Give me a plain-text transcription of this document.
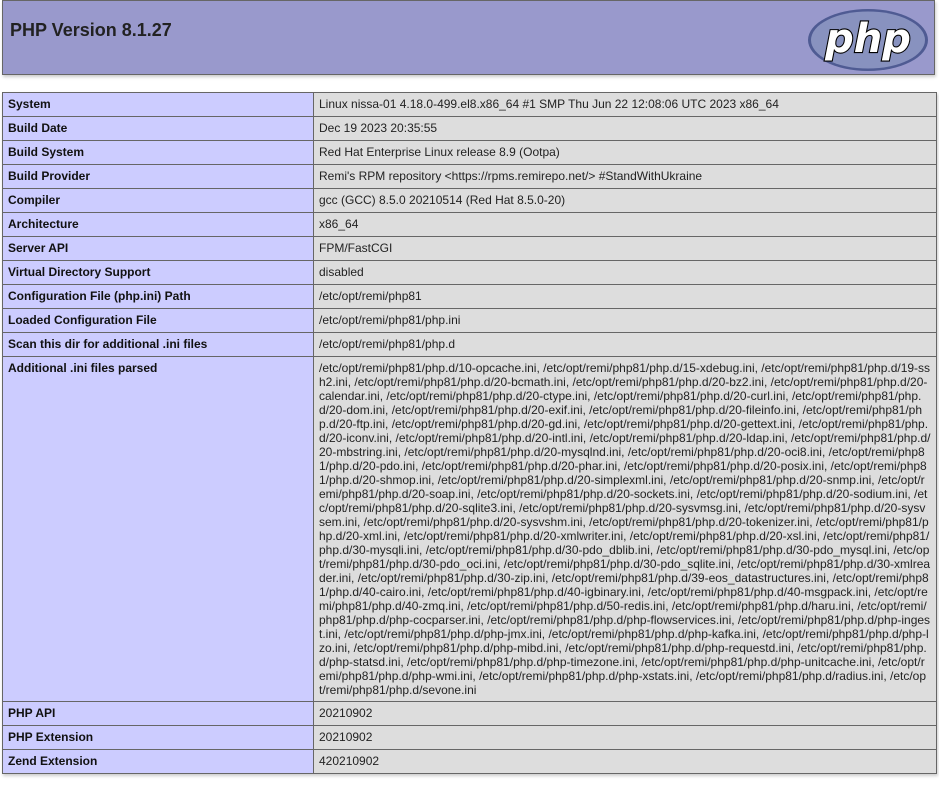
PHP Version 8.1.27	php
System	Linux nissa-01 4.18.0-499.el8.x86_64 #1 SMP Thu Jun 22 12:08:06 UTC 2023 x86_64
Build Date	Dec 19 2023 20:35:55
Build System	Red Hat Enterprise Linux release 8.9 (Ootpa)
Build Provider	Remi's RPM repository <https://rpms.remirepo.net/> #StandWithUkraine
Compiler	gcc (GCC) 8.5.0 20210514 (Red Hat 8.5.0-20)
Architecture	x86_64
Server API	FPM/FastCGI
Virtual Directory Support	disabled
Configuration File (php.ini) Path	/etc/opt/remi/php81
Loaded Configuration File	/etc/opt/remi/php81/php.ini
Scan this dir for additional .ini files	/etc/opt/remi/php81/php.d
Additional .ini files parsed	/etc/opt/remi/php81/php.d/10-opcache.ini, /etc/opt/remi/php81/php.d/15-xdebug.ini, /etc/opt/remi/php81/php.d/19-ssh2.ini, /etc/opt/remi/php81/php.d/20-bcmath.ini, /etc/opt/remi/php81/php.d/20-bz2.ini, /etc/opt/remi/php81/php.d/20-calendar.ini, /etc/opt/remi/php81/php.d/20-ctype.ini, /etc/opt/remi/php81/php.d/20-curl.ini, /etc/opt/remi/php81/php.d/20-dom.ini, /etc/opt/remi/php81/php.d/20-exif.ini, /etc/opt/remi/php81/php.d/20-fileinfo.ini, /etc/opt/remi/php81/php.d/20-ftp.ini, /etc/opt/remi/php81/php.d/20-gd.ini, /etc/opt/remi/php81/php.d/20-gettext.ini, /etc/opt/remi/php81/php.d/20-iconv.ini, /etc/opt/remi/php81/php.d/20-intl.ini, /etc/opt/remi/php81/php.d/20-ldap.ini, /etc/opt/remi/php81/php.d/20-mbstring.ini, /etc/opt/remi/php81/php.d/20-mysqlnd.ini, /etc/opt/remi/php81/php.d/20-oci8.ini, /etc/opt/remi/php81/php.d/20-pdo.ini, /etc/opt/remi/php81/php.d/20-phar.ini, /etc/opt/remi/php81/php.d/20-posix.ini, /etc/opt/remi/php81/php.d/20-shmop.ini, /etc/opt/remi/php81/php.d/20-simplexml.ini, /etc/opt/remi/php81/php.d/20-snmp.ini, /etc/opt/remi/php81/php.d/20-soap.ini, /etc/opt/remi/php81/php.d/20-sockets.ini, /etc/opt/remi/php81/php.d/20-sodium.ini, /etc/opt/remi/php81/php.d/20-sqlite3.ini, /etc/opt/remi/php81/php.d/20-sysvmsg.ini, /etc/opt/remi/php81/php.d/20-sysvsem.ini, /etc/opt/remi/php81/php.d/20-sysvshm.ini, /etc/opt/remi/php81/php.d/20-tokenizer.ini, /etc/opt/remi/php81/php.d/20-xml.ini, /etc/opt/remi/php81/php.d/20-xmlwriter.ini, /etc/opt/remi/php81/php.d/20-xsl.ini, /etc/opt/remi/php81/php.d/30-mysqli.ini, /etc/opt/remi/php81/php.d/30-pdo_dblib.ini, /etc/opt/remi/php81/php.d/30-pdo_mysql.ini, /etc/opt/remi/php81/php.d/30-pdo_oci.ini, /etc/opt/remi/php81/php.d/30-pdo_sqlite.ini, /etc/opt/remi/php81/php.d/30-xmlreader.ini, /etc/opt/remi/php81/php.d/30-zip.ini, /etc/opt/remi/php81/php.d/39-eos_datastructures.ini, /etc/opt/remi/php81/php.d/40-cairo.ini, /etc/opt/remi/php81/php.d/40-igbinary.ini, /etc/opt/remi/php81/php.d/40-msgpack.ini, /etc/opt/remi/php81/php.d/40-zmq.ini, /etc/opt/remi/php81/php.d/50-redis.ini, /etc/opt/remi/php81/php.d/haru.ini, /etc/opt/remi/php81/php.d/php-cocparser.ini, /etc/opt/remi/php81/php.d/php-flowservices.ini, /etc/opt/remi/php81/php.d/php-ingest.ini, /etc/opt/remi/php81/php.d/php-jmx.ini, /etc/opt/remi/php81/php.d/php-kafka.ini, /etc/opt/remi/php81/php.d/php-lzo.ini, /etc/opt/remi/php81/php.d/php-mibd.ini, /etc/opt/remi/php81/php.d/php-requestd.ini, /etc/opt/remi/php81/php.d/php-statsd.ini, /etc/opt/remi/php81/php.d/php-timezone.ini, /etc/opt/remi/php81/php.d/php-unitcache.ini, /etc/opt/remi/php81/php.d/php-wmi.ini, /etc/opt/remi/php81/php.d/php-xstats.ini, /etc/opt/remi/php81/php.d/radius.ini, /etc/opt/remi/php81/php.d/sevone.ini
PHP API	20210902
PHP Extension	20210902
Zend Extension	420210902
